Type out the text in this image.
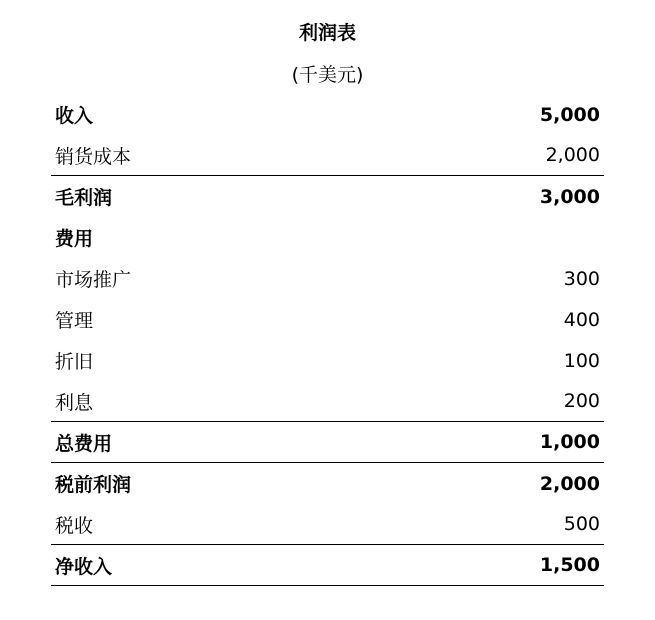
利润表
(千美元)
收入	5,000
销货成本	2,000
毛利润	3,000
费用
市场推广	300
管理	400
折旧	100
利息	200
总费用	1,000
税前利润	2,000
税收	500
净收入	1,500
